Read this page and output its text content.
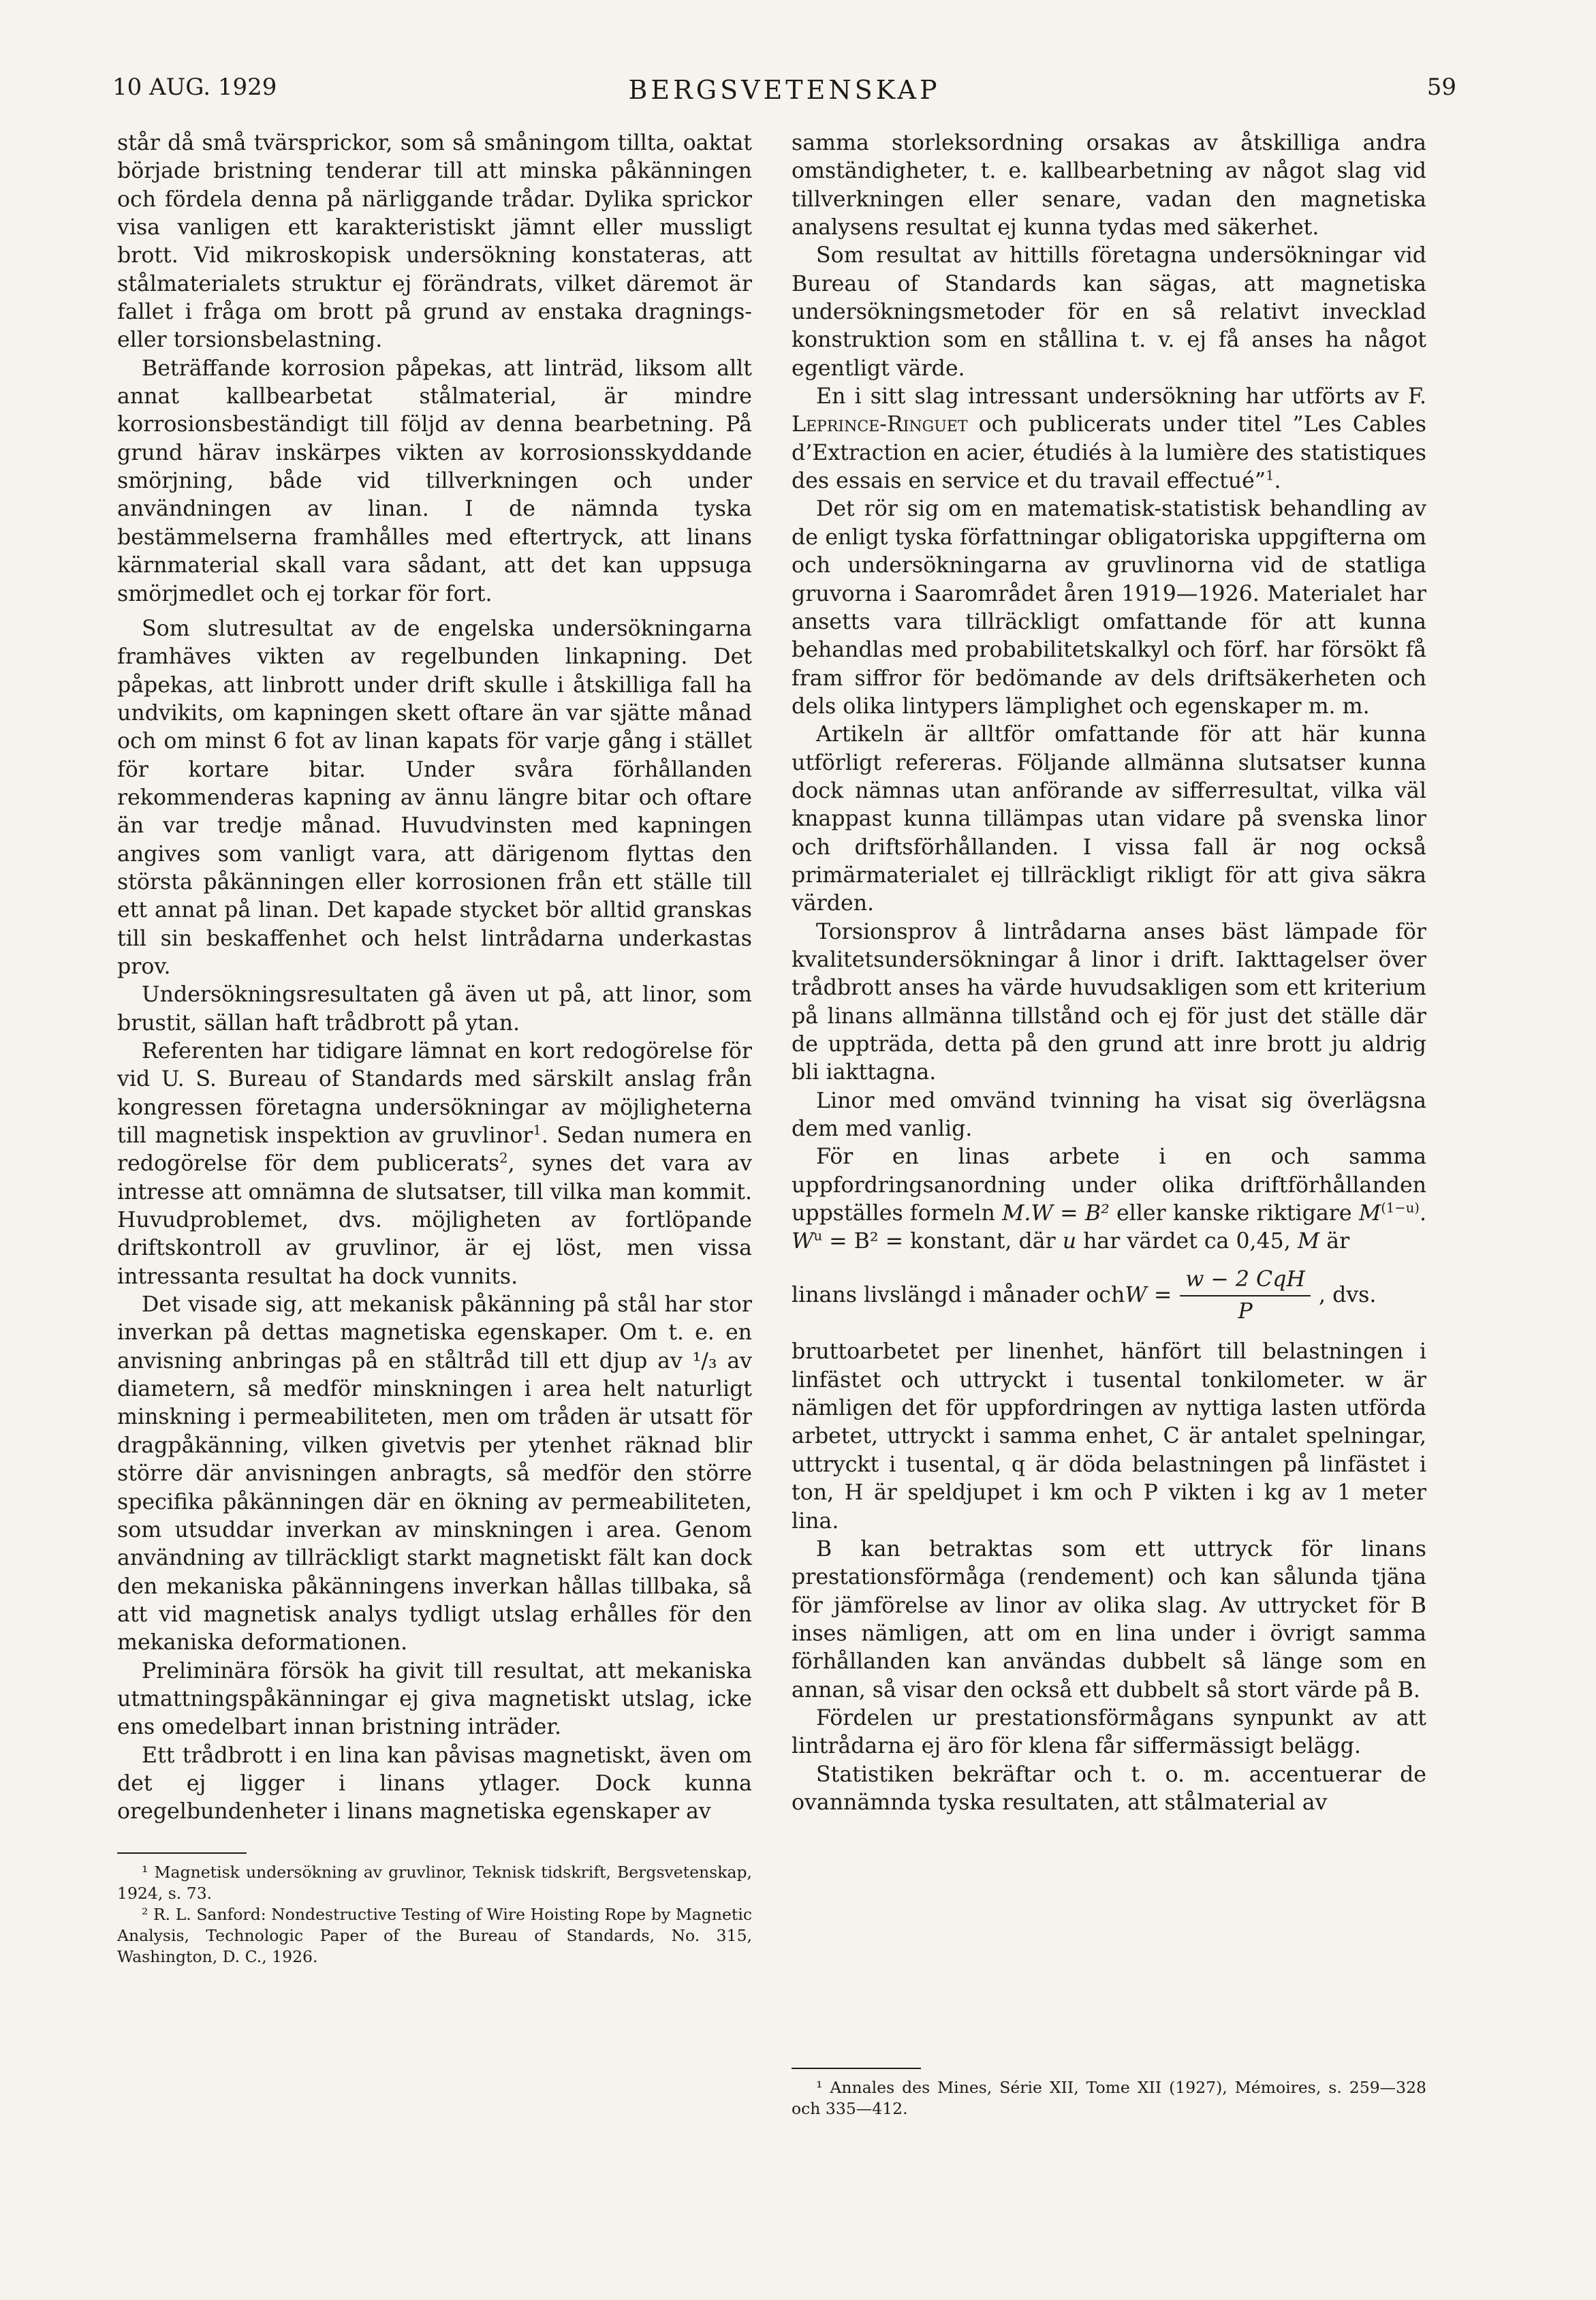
10 AUG. 1929	BERGSVETENSKAP	59

står då små tvärsprickor, som så småningom tillta, oaktat började bristning tenderar till att minska påkänningen och fördela denna på närliggande trådar. Dylika sprickor visa vanligen ett karakteristiskt jämnt eller mussligt brott. Vid mikroskopisk undersökning konstateras, att stålmaterialets struktur ej förändrats, vilket däremot är fallet i fråga om brott på grund av enstaka dragnings- eller torsionsbelastning.

Beträffande korrosion påpekas, att linträd, liksom allt annat kallbearbetat stålmaterial, är mindre korrosionsbeständigt till följd av denna bearbetning. På grund härav inskärpes vikten av korrosionsskyddande smörjning, både vid tillverkningen och under användningen av linan. I de nämnda tyska bestämmelserna framhålles med eftertryck, att linans kärnmaterial skall vara sådant, att det kan uppsuga smörjmedlet och ej torkar för fort.

Som slutresultat av de engelska undersökningarna framhäves vikten av regelbunden linkapning. Det påpekas, att linbrott under drift skulle i åtskilliga fall ha undvikits, om kapningen skett oftare än var sjätte månad och om minst 6 fot av linan kapats för varje gång i stället för kortare bitar. Under svåra förhållanden rekommenderas kapning av ännu längre bitar och oftare än var tredje månad. Huvudvinsten med kapningen angives som vanligt vara, att därigenom flyttas den största påkänningen eller korrosionen från ett ställe till ett annat på linan. Det kapade stycket bör alltid granskas till sin beskaffenhet och helst lintrådarna underkastas prov.

Undersökningsresultaten gå även ut på, att linor, som brustit, sällan haft trådbrott på ytan.

Referenten har tidigare lämnat en kort redogörelse för vid U. S. Bureau of Standards med särskilt anslag från kongressen företagna undersökningar av möjligheterna till magnetisk inspektion av gruvlinor$^1$. Sedan numera en redogörelse för dem publicerats$^2$, synes det vara av intresse att omnämna de slutsatser, till vilka man kommit. Huvudproblemet, dvs. möjligheten av fortlöpande driftskontroll av gruvlinor, är ej löst, men vissa intressanta resultat ha dock vunnits.

Det visade sig, att mekanisk påkänning på stål har stor inverkan på dettas magnetiska egenskaper. Om t. e. en anvisning anbringas på en ståltråd till ett djup av ¹/₃ av diametern, så medför minskningen i area helt naturligt minskning i permeabiliteten, men om tråden är utsatt för dragpåkänning, vilken givetvis per ytenhet räknad blir större där anvisningen anbragts, så medför den större specifika påkänningen där en ökning av permeabiliteten, som utsuddar inverkan av minskningen i area. Genom användning av tillräckligt starkt magnetiskt fält kan dock den mekaniska påkänningens inverkan hållas tillbaka, så att vid magnetisk analys tydligt utslag erhålles för den mekaniska deformationen.

Preliminära försök ha givit till resultat, att mekaniska utmattningspåkänningar ej giva magnetiskt utslag, icke ens omedelbart innan bristning inträder.

Ett trådbrott i en lina kan påvisas magnetiskt, även om det ej ligger i linans ytlager. Dock kunna oregelbundenheter i linans magnetiska egenskaper av

¹ Magnetisk undersökning av gruvlinor, Teknisk tidskrift, Bergsvetenskap, 1924, s. 73.

² R. L. Sanford: Nondestructive Testing of Wire Hoisting Rope by Magnetic Analysis, Technologic Paper of the Bureau of Standards, No. 315, Washington, D. C., 1926.

samma storleksordning orsakas av åtskilliga andra omständigheter, t. e. kallbearbetning av något slag vid tillverkningen eller senare, vadan den magnetiska analysens resultat ej kunna tydas med säkerhet.

Som resultat av hittills företagna undersökningar vid Bureau of Standards kan sägas, att magnetiska undersökningsmetoder för en så relativt invecklad konstruktion som en stållina t. v. ej få anses ha något egentligt värde.

En i sitt slag intressant undersökning har utförts av F. Leprince-Ringuet och publicerats under titel ”Les Cables d’Extraction en acier, étudiés à la lumière des statistiques des essais en service et du travail effectué”$^1$.

Det rör sig om en matematisk-statistisk behandling av de enligt tyska författningar obligatoriska uppgifterna om och undersökningarna av gruvlinorna vid de statliga gruvorna i Saarområdet åren 1919—1926. Materialet har ansetts vara tillräckligt omfattande för att kunna behandlas med probabilitetskalkyl och förf. har försökt få fram siffror för bedömande av dels driftsäkerheten och dels olika lintypers lämplighet och egenskaper m. m.

Artikeln är alltför omfattande för att här kunna utförligt refereras. Följande allmänna slutsatser kunna dock nämnas utan anförande av sifferresultat, vilka väl knappast kunna tillämpas utan vidare på svenska linor och driftsförhållanden. I vissa fall är nog också primärmaterialet ej tillräckligt rikligt för att giva säkra värden.

Torsionsprov å lintrådarna anses bäst lämpade för kvalitetsundersökningar å linor i drift. Iakttagelser över trådbrott anses ha värde huvudsakligen som ett kriterium på linans allmänna tillstånd och ej för just det ställe där de uppträda, detta på den grund att inre brott ju aldrig bli iakttagna.

Linor med omvänd tvinning ha visat sig överlägsna dem med vanlig.

För en linas arbete i en och samma uppfordringsanordning under olika driftförhållanden uppställes formeln M.W = B² eller kanske riktigare $M^{(1-u)}$. $W^u = B^2$ = konstant, där u har värdet ca 0,45, M är

linans livslängd i månader och $W = \frac{\text{w − 2 CqH}}{P}$ , dvs.

bruttoarbetet per linenhet, hänfört till belastningen i linfästet och uttryckt i tusental tonkilometer. w är nämligen det för uppfordringen av nyttiga lasten utförda arbetet, uttryckt i samma enhet, C är antalet spelningar, uttryckt i tusental, q är döda belastningen på linfästet i ton, H är speldjupet i km och P vikten i kg av 1 meter lina.

B kan betraktas som ett uttryck för linans prestationsförmåga (rendement) och kan sålunda tjäna för jämförelse av linor av olika slag. Av uttrycket för B inses nämligen, att om en lina under i övrigt samma förhållanden kan användas dubbelt så länge som en annan, så visar den också ett dubbelt så stort värde på B.

Fördelen ur prestationsförmågans synpunkt av att lintrådarna ej äro för klena får siffermässigt belägg.

Statistiken bekräftar och t. o. m. accentuerar de ovannämnda tyska resultaten, att stålmaterial av

¹ Annales des Mines, Série XII, Tome XII (1927), Mémoires, s. 259—328 och 335—412.
